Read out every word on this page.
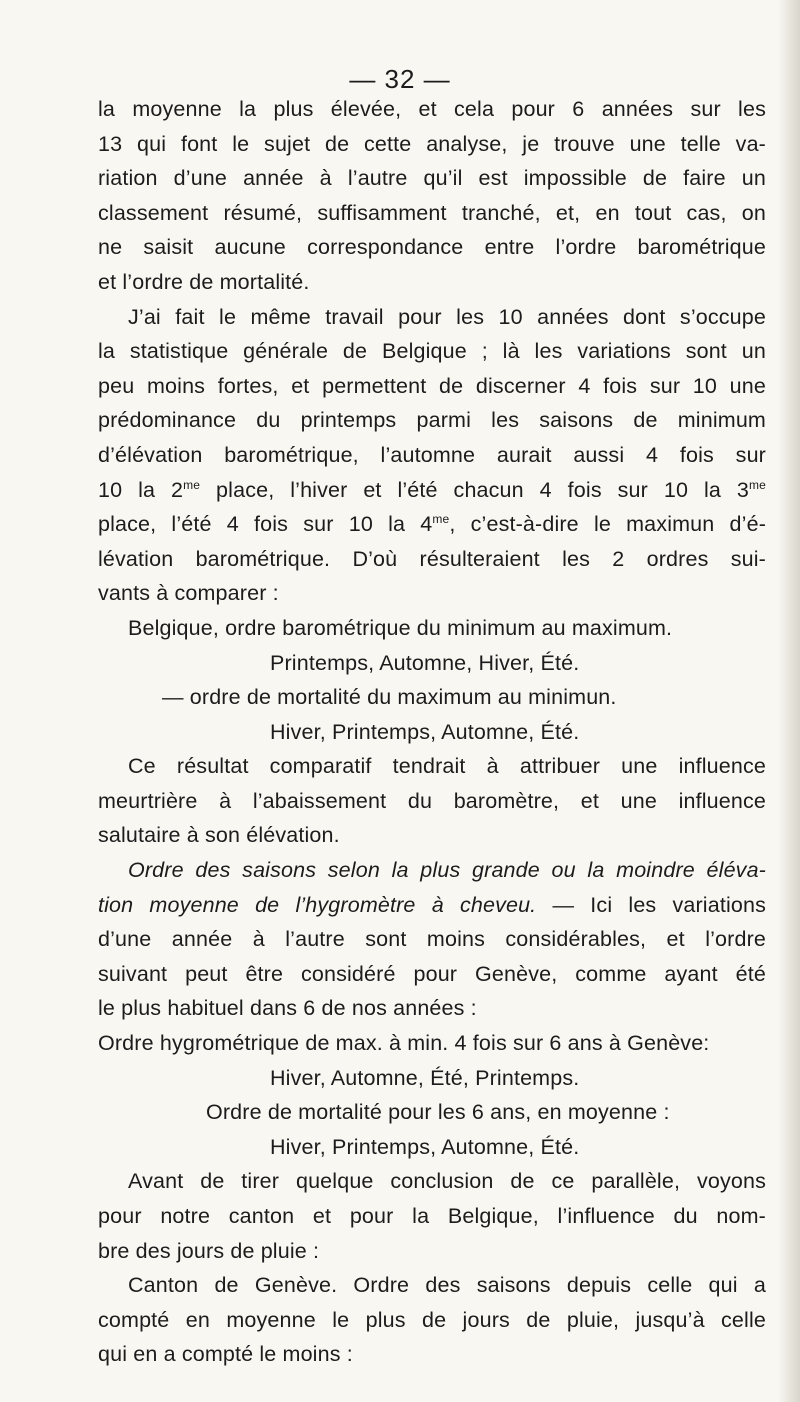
— 32 —
la moyenne la plus élevée, et cela pour 6 années sur les
13 qui font le sujet de cette analyse, je trouve une telle va-
riation d’une année à l’autre qu’il est impossible de faire un
classement résumé, suffisamment tranché, et, en tout cas, on
ne saisit aucune correspondance entre l’ordre barométrique
et l’ordre de mortalité.
J’ai fait le même travail pour les 10 années dont s’occupe
la statistique générale de Belgique ; là les variations sont un
peu moins fortes, et permettent de discerner 4 fois sur 10 une
prédominance du printemps parmi les saisons de minimum
d’élévation barométrique, l’automne aurait aussi 4 fois sur
10 la $2^{me}$ place, l’hiver et l’été chacun 4 fois sur 10 la $3^{me}$
place, l’été 4 fois sur 10 la $4^{me}$, c’est-à-dire le maximun d’é-
lévation barométrique. D’où résulteraient les 2 ordres sui-
vants à comparer :
Belgique, ordre barométrique du minimum au maximum.
Printemps, Automne, Hiver, Été.
— ordre de mortalité du maximum au minimun.
Hiver, Printemps, Automne, Été.
Ce résultat comparatif tendrait à attribuer une influence
meurtrière à l’abaissement du baromètre, et une influence
salutaire à son élévation.
Ordre des saisons selon la plus grande ou la moindre éléva-
tion moyenne de l’hygromètre à cheveu. — Ici les variations
d’une année à l’autre sont moins considérables, et l’ordre
suivant peut être considéré pour Genève, comme ayant été
le plus habituel dans 6 de nos années :
Ordre hygrométrique de max. à min. 4 fois sur 6 ans à Genève:
Hiver, Automne, Été, Printemps.
Ordre de mortalité pour les 6 ans, en moyenne :
Hiver, Printemps, Automne, Été.
Avant de tirer quelque conclusion de ce parallèle, voyons
pour notre canton et pour la Belgique, l’influence du nom-
bre des jours de pluie :
Canton de Genève. Ordre des saisons depuis celle qui a
compté en moyenne le plus de jours de pluie, jusqu’à celle
qui en a compté le moins :
